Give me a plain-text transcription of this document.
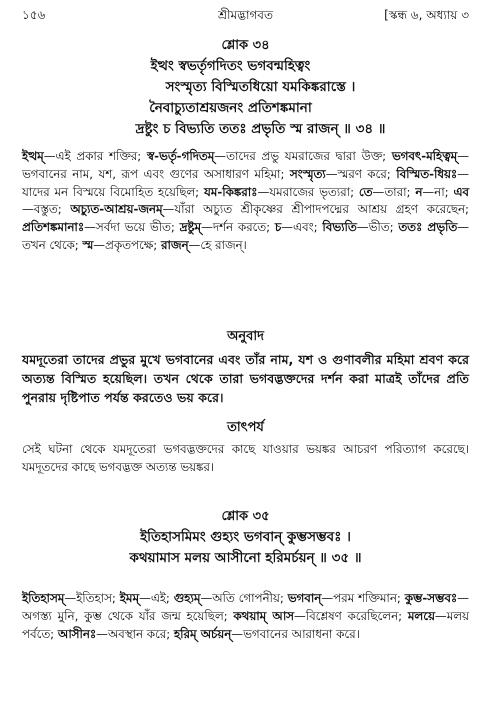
১৫৬	শ্রীমদ্ভাগবত	[স্কন্ধ ৬, অধ্যায় ৩
শ্লোক ৩৪
ইত্থং স্বভর্তৃগদিতং ভগবন্মহিত্বং
সংস্মৃত্য বিস্মিতধিয়ো যমকিঙ্করাস্তে ।
নৈবাচ্যুতাশ্রয়জনং প্রতিশঙ্কমানা
দ্রষ্টুং চ বিভ্যতি ততঃ প্রভৃতি স্ম রাজন্ ॥ ৩৪ ॥
ইত্থম্—এই প্রকার শক্তির; স্ব-ভর্তৃ-গদিতম্—তাদের প্রভু যমরাজের দ্বারা উক্ত; ভগবৎ-মহিত্বম্—ভগবানের নাম, যশ, রূপ এবং গুণের অসাধারণ মহিমা; সংস্মৃত্য—স্মরণ করে; বিস্মিত-ধিয়ঃ—যাদের মন বিস্ময়ে বিমোহিত হয়েছিল; যম-কিঙ্করাঃ—যমরাজের ভৃত্যরা; তে—তারা; ন—না; এব—বস্তুত; অচ্যুত-আশ্রয়-জনম্—যাঁরা অচ্যুত শ্রীকৃষ্ণের শ্রীপাদপদ্মের আশ্রয় গ্রহণ করেছেন; প্রতিশঙ্কমানাঃ—সর্বদা ভয়ে ভীত; দ্রষ্টুম্—দর্শন করতে; চ—এবং; বিভ্যতি—ভীত; ততঃ প্রভৃতি—তখন থেকে; স্ম—প্রকৃতপক্ষে; রাজন্—হে রাজন্।
অনুবাদ
যমদূতেরা তাদের প্রভুর মুখে ভগবানের এবং তাঁর নাম, যশ ও গুণাবলীর মহিমা শ্রবণ করে অত্যন্ত বিস্মিত হয়েছিল। তখন থেকে তারা ভগবদ্ভক্তদের দর্শন করা মাত্রই তাঁদের প্রতি পুনরায় দৃষ্টিপাত পর্যন্ত করতেও ভয় করে।
তাৎপর্য
সেই ঘটনা থেকে যমদূতেরা ভগবদ্ভক্তদের কাছে যাওয়ার ভয়ঙ্কর আচরণ পরিত্যাগ করেছে। যমদূতদের কাছে ভগবদ্ভক্ত অত্যন্ত ভয়ঙ্কর।
শ্লোক ৩৫
ইতিহাসমিমং গুহ্যং ভগবান্ কুম্ভসম্ভবঃ ।
কথয়ামাস মলয় আসীনো হরিমর্চয়ন্ ॥ ৩৫ ॥
ইতিহাসম্—ইতিহাস; ইমম্—এই; গুহ্যম্—অতি গোপনীয়; ভগবান্—পরম শক্তিমান; কুম্ভ-সম্ভবঃ—অগস্ত্য মুনি, কুম্ভ থেকে যাঁর জন্ম হয়েছিল; কথয়াম্ আস—বিশ্লেষণ করেছিলেন; মলয়ে—মলয় পর্বতে; আসীনঃ—অবস্থান করে; হরিম্ অর্চয়ন্—ভগবানের আরাধনা করে।
